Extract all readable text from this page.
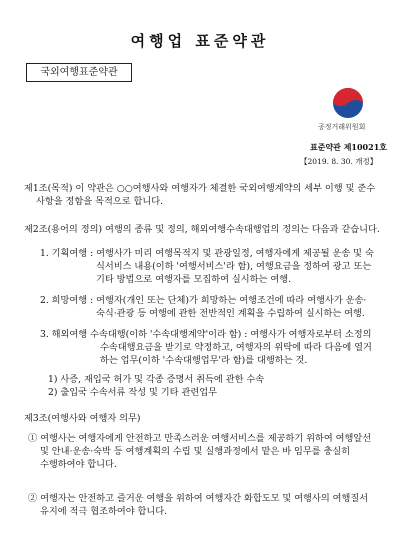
여행업 표준약관
국외여행표준약관
공정거래위원회
표준약관 제10021호
【2019. 8. 30. 개정】

제1조(목적) 이 약관은 ○○여행사와 여행자가 체결한 국외여행계약의 세부 이행 및 준수

사항을 정함을 목적으로 합니다.

제2조(용어의 정의) 여행의 종류 및 정의, 해외여행수속대행업의 정의는 다음과 같습니다.

1. 기획여행 : 여행사가 미리 여행목적지 및 관광일정, 여행자에게 제공될 운송 및 숙

식서비스 내용(이하 '여행서비스'라 함), 여행요금을 정하여 광고 또는

기타 방법으로 여행자를 모집하여 실시하는 여행.

2. 희망여행 : 여행자(개인 또는 단체)가 희망하는 여행조건에 따라 여행사가 운송·

숙식·관광 등 여행에 관한 전반적인 계획을 수립하여 실시하는 여행.

3. 해외여행 수속대행(이하 '수속대행계약'이라 함) : 여행사가 여행자로부터 소정의

수속대행요금을 받기로 약정하고, 여행자의 위탁에 따라 다음에 열거

하는 업무(이하 '수속대행업무'라 함)를 대행하는 것.

1) 사증, 재입국 허가 및 각종 증명서 취득에 관한 수속

2) 출입국 수속서류 작성 및 기타 관련업무

제3조(여행사와 여행자 의무)

① 여행사는 여행자에게 안전하고 만족스러운 여행서비스를 제공하기 위하여 여행알선

및 안내·운송·숙박 등 여행계획의 수립 및 실행과정에서 맡은 바 임무를 충실히

수행하여야 합니다.

② 여행자는 안전하고 즐거운 여행을 위하여 여행자간 화합도모 및 여행사의 여행질서

유지에 적극 협조하여야 합니다.
